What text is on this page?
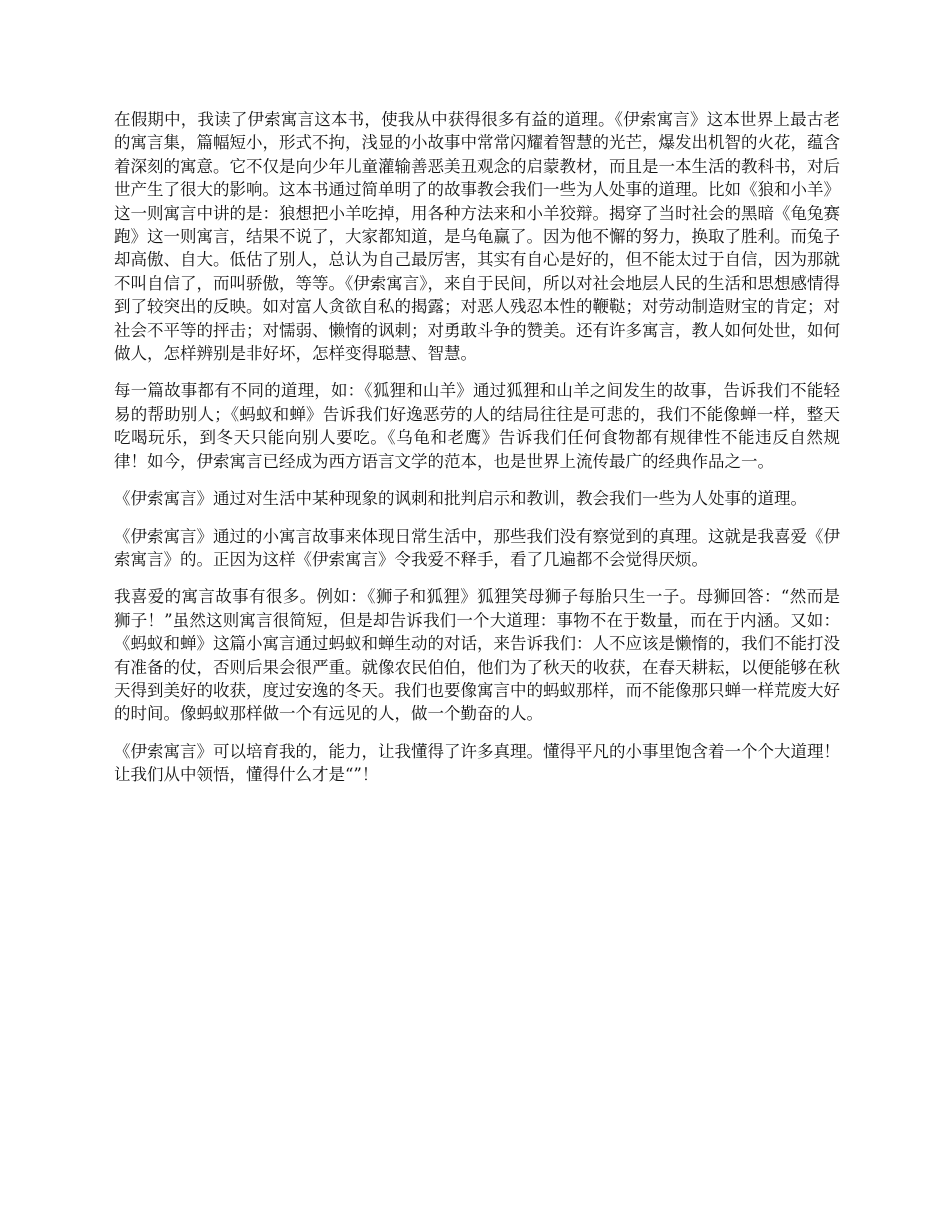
在假期中，我读了伊索寓言这本书，使我从中获得很多有益的道理。《伊索寓言》这本世界上最古老的寓言集，篇幅短小，形式不拘，浅显的小故事中常常闪耀着智慧的光芒，爆发出机智的火花，蕴含着深刻的寓意。它不仅是向少年儿童灌输善恶美丑观念的启蒙教材，而且是一本生活的教科书，对后世产生了很大的影响。这本书通过简单明了的故事教会我们一些为人处事的道理。比如《狼和小羊》这一则寓言中讲的是：狼想把小羊吃掉，用各种方法来和小羊狡辩。揭穿了当时社会的黑暗《龟兔赛跑》这一则寓言，结果不说了，大家都知道，是乌龟赢了。因为他不懈的努力，换取了胜利。而兔子却高傲、自大。低估了别人，总认为自己最厉害，其实有自心是好的，但不能太过于自信，因为那就不叫自信了，而叫骄傲，等等。《伊索寓言》，来自于民间，所以对社会地层人民的生活和思想感情得到了较突出的反映。如对富人贪欲自私的揭露；对恶人残忍本性的鞭鞑；对劳动制造财宝的肯定；对社会不平等的抨击；对懦弱、懒惰的讽刺；对勇敢斗争的赞美。还有许多寓言，教人如何处世，如何做人，怎样辨别是非好坏，怎样变得聪慧、智慧。

每一篇故事都有不同的道理，如：《狐狸和山羊》通过狐狸和山羊之间发生的故事，告诉我们不能轻易的帮助别人；《蚂蚁和蝉》告诉我们好逸恶劳的人的结局往往是可悲的，我们不能像蝉一样，整天吃喝玩乐，到冬天只能向别人要吃。《乌龟和老鹰》告诉我们任何食物都有规律性不能违反自然规律！如今，伊索寓言已经成为西方语言文学的范本，也是世界上流传最广的经典作品之一。

《伊索寓言》通过对生活中某种现象的讽刺和批判启示和教训，教会我们一些为人处事的道理。

《伊索寓言》通过的小寓言故事来体现日常生活中，那些我们没有察觉到的真理。这就是我喜爱《伊索寓言》的。正因为这样《伊索寓言》令我爱不释手，看了几遍都不会觉得厌烦。

我喜爱的寓言故事有很多。例如：《狮子和狐狸》狐狸笑母狮子每胎只生一子。母狮回答：“然而是狮子！”虽然这则寓言很简短，但是却告诉我们一个大道理：事物不在于数量，而在于内涵。又如：《蚂蚁和蝉》这篇小寓言通过蚂蚁和蝉生动的对话，来告诉我们：人不应该是懒惰的，我们不能打没有准备的仗，否则后果会很严重。就像农民伯伯，他们为了秋天的收获，在春天耕耘，以便能够在秋天得到美好的收获，度过安逸的冬天。我们也要像寓言中的蚂蚁那样，而不能像那只蝉一样荒废大好的时间。像蚂蚁那样做一个有远见的人，做一个勤奋的人。

《伊索寓言》可以培育我的，能力，让我懂得了许多真理。懂得平凡的小事里饱含着一个个大道理！让我们从中领悟，懂得什么才是“”！
